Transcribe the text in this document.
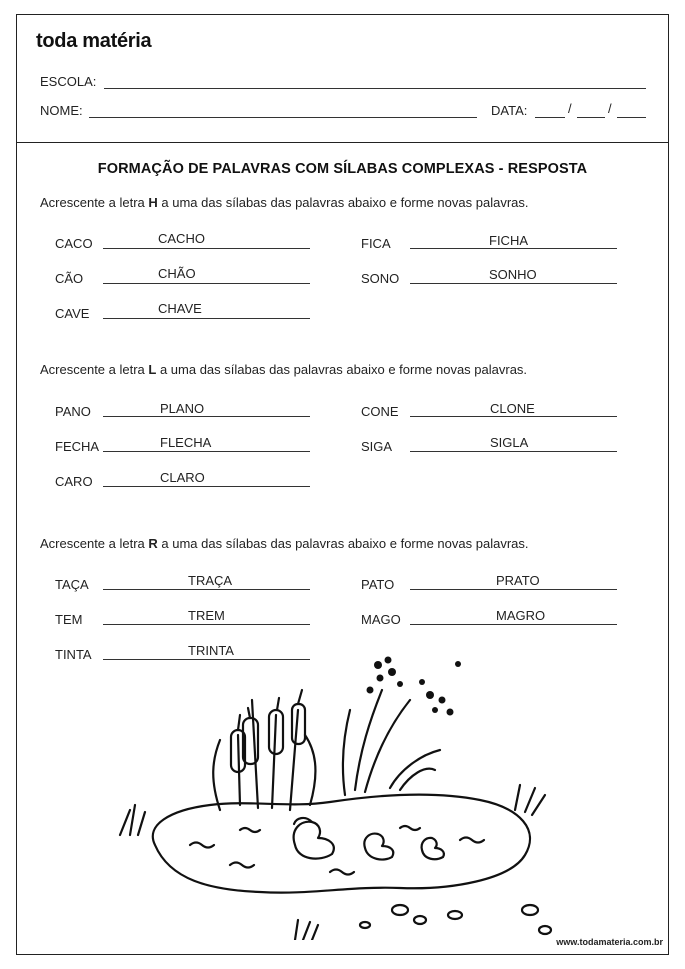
toda matéria
ESCOLA:
NOME:	DATA:	/	/
FORMAÇÃO DE PALAVRAS COM SÍLABAS COMPLEXAS - RESPOSTA
Acrescente a letra H a uma das sílabas das palavras abaixo e forme novas palavras.
CACO	CACHO	FICA	FICHA
CÃO	CHÃO	SONO	SONHO
CAVE	CHAVE
Acrescente a letra L a uma das sílabas das palavras abaixo e forme novas palavras.
PANO	PLANO	CONE	CLONE
FECHA	FLECHA	SIGA	SIGLA
CARO	CLARO
Acrescente a letra R a uma das sílabas das palavras abaixo e forme novas palavras.
TAÇA	TRAÇA	PATO	PRATO
TEM	TREM	MAGO	MAGRO
TINTA	TRINTA
www.todamateria.com.br
